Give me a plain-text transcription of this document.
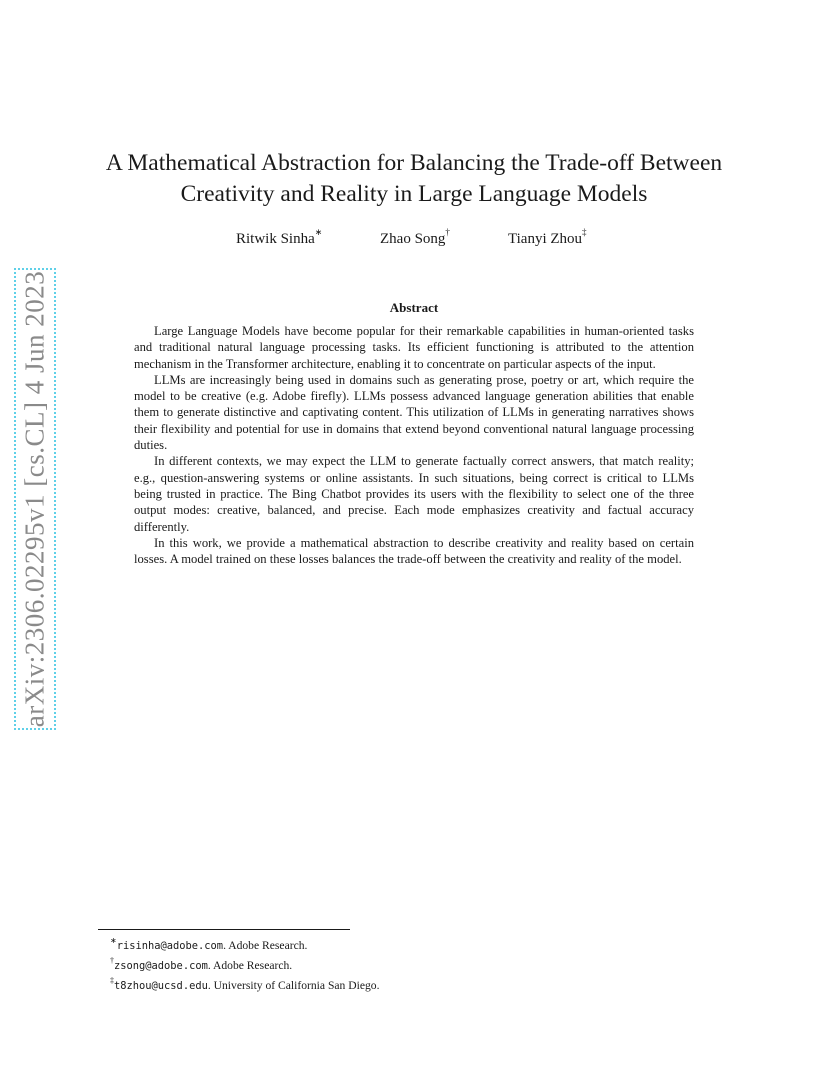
arXiv:2306.02295v1 [cs.CL] 4 Jun 2023
A Mathematical Abstraction for Balancing the Trade-off Between
Creativity and Reality in Large Language Models
Ritwik Sinha∗	Zhao Song†	Tianyi Zhou‡
Abstract

Large Language Models have become popular for their remarkable capabilities in human-oriented tasks and traditional natural language processing tasks. Its efficient functioning is attributed to the attention mechanism in the Transformer architecture, enabling it to concentrate on particular aspects of the input.

LLMs are increasingly being used in domains such as generating prose, poetry or art, which require the model to be creative (e.g. Adobe firefly). LLMs possess advanced language generation abilities that enable them to generate distinctive and captivating content. This utilization of LLMs in generating narratives shows their flexibility and potential for use in domains that extend beyond conventional natural language processing duties.

In different contexts, we may expect the LLM to generate factually correct answers, that match reality; e.g., question-answering systems or online assistants. In such situations, being correct is critical to LLMs being trusted in practice. The Bing Chatbot provides its users with the flexibility to select one of the three output modes: creative, balanced, and precise. Each mode emphasizes creativity and factual accuracy differently.

In this work, we provide a mathematical abstraction to describe creativity and reality based on certain losses. A model trained on these losses balances the trade-off between the creativity and reality of the model.

∗risinha@adobe.com. Adobe Research.
†zsong@adobe.com. Adobe Research.
‡t8zhou@ucsd.edu. University of California San Diego.
